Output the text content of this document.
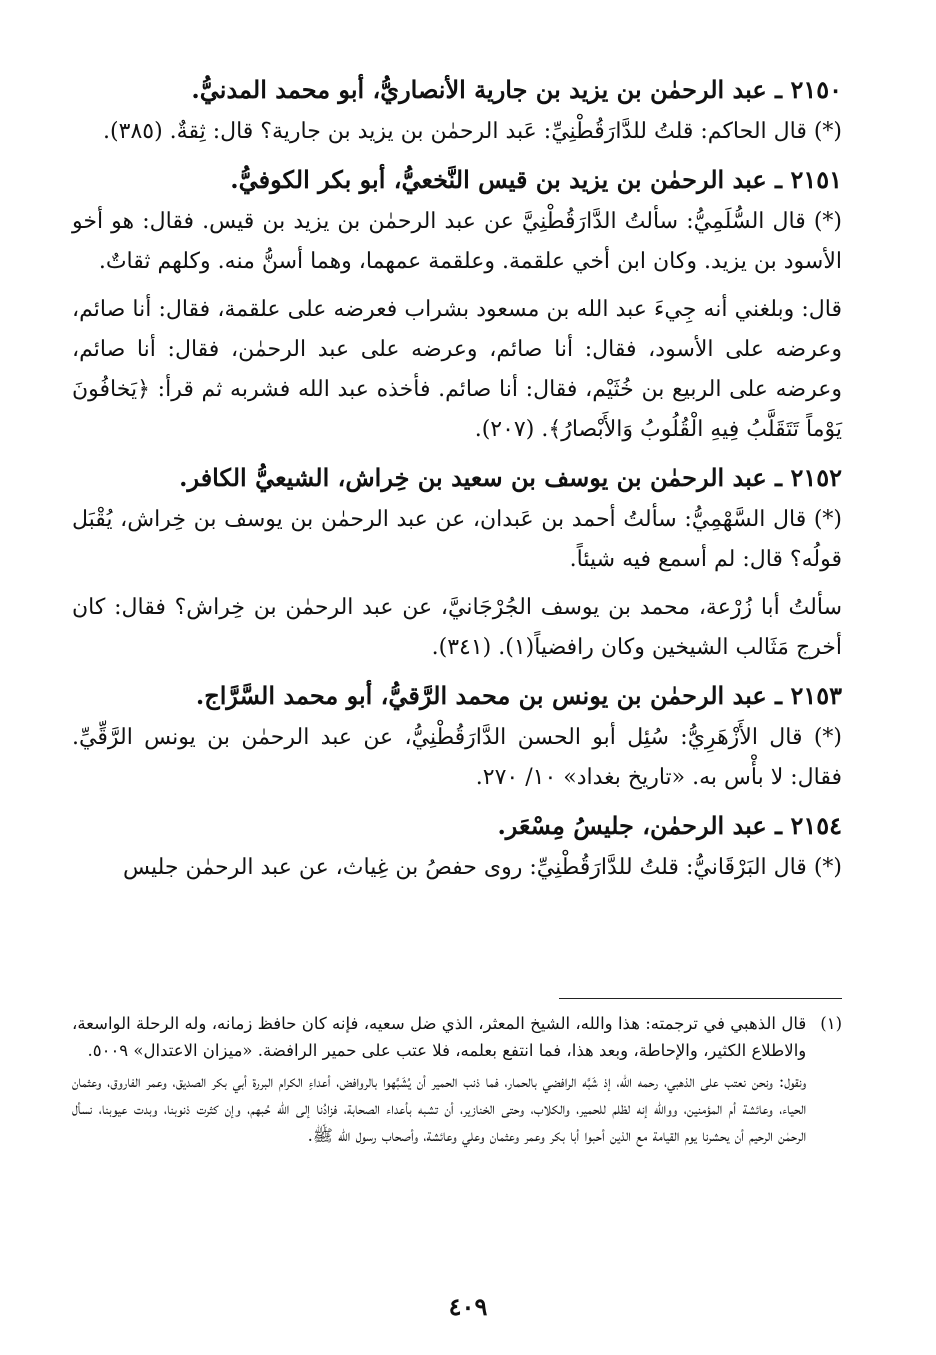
٢١٥٠ ـ عبد الرحمٰن بن يزيد بن جارية الأنصاريُّ، أبو محمد المدنيُّ.

(*) قال الحاكم: قلتُ للدَّارَقُطْنِيِّ: عَبد الرحمٰن بن يزيد بن جارية؟ قال: ثِقةٌ. (٣٨٥).

٢١٥١ ـ عبد الرحمٰن بن يزيد بن قيس النَّخعيُّ، أبو بكر الكوفيُّ.

(*) قال السُّلَمِيُّ: سألتُ الدَّارَقُطْنِيَّ عن عبد الرحمٰن بن يزيد بن قيس. فقال: هو أخو الأسود بن يزيد. وكان ابن أخي علقمة. وعلقمة عمهما، وهما أسنُّ منه. وكلهم ثقاتٌ.

قال: وبلغني أنه جِيءَ عبد الله بن مسعود بشراب فعرضه على علقمة، فقال: أنا صائم، وعرضه على الأسود، فقال: أنا صائم، وعرضه على عبد الرحمٰن، فقال: أنا صائم، وعرضه على الربيع بن خُثَيْم، فقال: أنا صائم. فأخذه عبد الله فشربه ثم قرأ: ﴿يَخافُونَ يَوْماً تَتَقَلَّبُ فِيهِ الْقُلُوبُ وَالأَبْصارُ﴾. (٢٠٧).

٢١٥٢ ـ عبد الرحمٰن بن يوسف بن سعيد بن خِراش، الشيعيُّ الكافر.

(*) قال السَّهْمِيُّ: سألتُ أحمد بن عَبدان، عن عبد الرحمٰن بن يوسف بن خِراش، يُقْبَل قولُه؟ قال: لم أسمع فيه شيئاً.

سألتُ أبا زُرْعة، محمد بن يوسف الجُرْجَانيَّ، عن عبد الرحمٰن بن خِراش؟ فقال: كان أخرج مَثَالب الشيخين وكان رافضياً(١). (٣٤١).

٢١٥٣ ـ عبد الرحمٰن بن يونس بن محمد الرَّقيُّ، أبو محمد السَّرَّاج.

(*) قال الأَزْهَرِيُّ: سُئِل أبو الحسن الدَّارَقُطْنِيُّ، عن عبد الرحمٰن بن يونس الرَّقِّيِّ. فقال: لا بأْس به. «تاريخ بغداد» ١٠/ ٢٧٠.

٢١٥٤ ـ عبد الرحمٰن، جليسُ مِسْعَر.

(*) قال البَرْقَانيُّ: قلتُ للدَّارَقُطْنِيِّ: روى حفصُ بن غِياث، عن عبد الرحمٰن جليس

(١)

قال الذهبي في ترجمته: هذا والله، الشيخ المعثر، الذي ضل سعيه، فإنه كان حافظ زمانه، وله الرحلة الواسعة، والاطلاع الكثير، والإحاطة، وبعد هذا، فما انتفع بعلمه، فلا عتب على حمير الرافضة. «ميزان الاعتدال» ٥٠٠٩.

ونقول: ونحن نعتب على الذهبي، رحمه الله، إذ شَبَّه الرافضي بالحمار، فما ذنب الحمير أن يُشَبَّهوا بالروافض، أعداءِ الكرام البررة أبي بكر الصديق، وعمر الفاروق، وعثمان الحياء، وعائشة أم المؤمنين، ووالله إنه لظلم للحمير، والكلاب، وحتى الخنازير، أن تشبه بأعداء الصحابة، فزادُنا إلى الله حُبهم، وإن كثرت ذنوبنا، وبدت عيوبنا، نسأل الرحمٰن الرحيم أن يحشرنا يوم القيامة مع الذين أحبوا أبا بكر وعمر وعثمان وعلي وعائشة، وأصحاب رسول الله ﷺ.

٤٠٩
